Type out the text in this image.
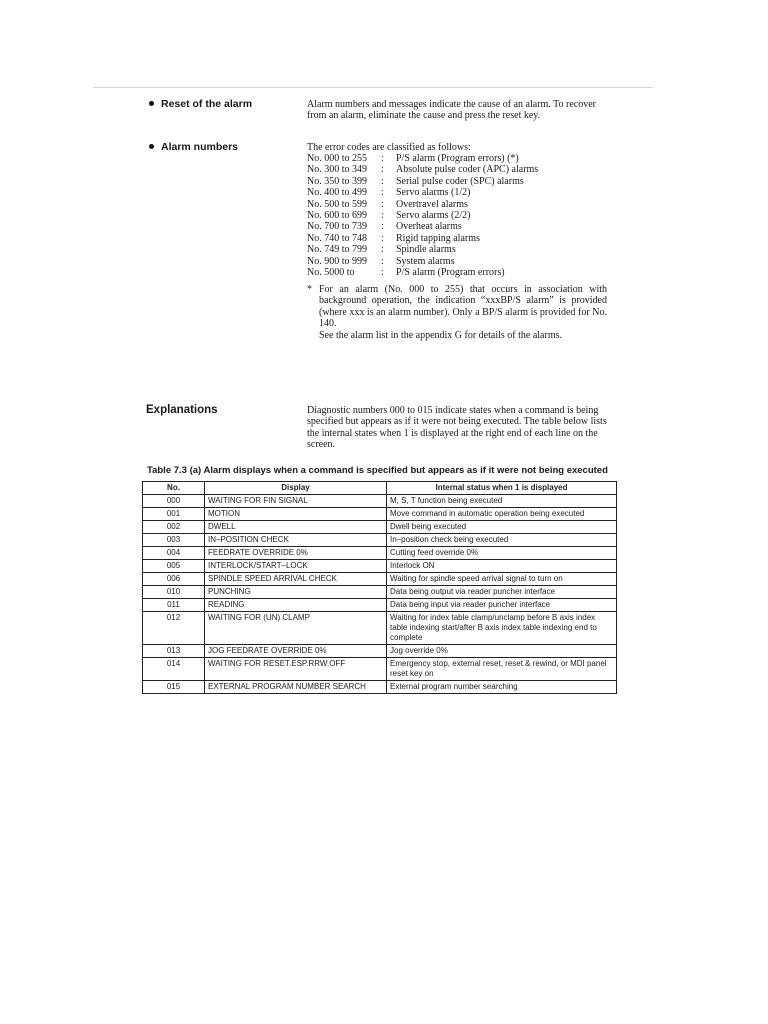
Reset of the alarm	Alarm numbers and messages indicate the cause of an alarm. To recover from an alarm, eliminate the cause and press the reset key.
Alarm numbers	The error codes are classified as follows:
No. 000 to 255 : P/S alarm (Program errors) (*)
No. 300 to 349 : Absolute pulse coder (APC) alarms
No. 350 to 399 : Serial pulse coder (SPC) alarms
No. 400 to 499 : Servo alarms (1/2)
No. 500 to 599 : Overtravel alarms
No. 600 to 699 : Servo alarms (2/2)
No. 700 to 739 : Overheat alarms
No. 740 to 748 : Rigid tapping alarms
No. 749 to 799 : Spindle alarms
No. 900 to 999 : System alarms
No. 5000 to	: P/S alarm (Program errors)
* For an alarm (No. 000 to 255) that occurs in association with background operation, the indication “xxxBP/S alarm” is provided (where xxx is an alarm number). Only a BP/S alarm is provided for No. 140.
See the alarm list in the appendix G for details of the alarms.
Explanations	Diagnostic numbers 000 to 015 indicate states when a command is being specified but appears as if it were not being executed. The table below lists the internal states when 1 is displayed at the right end of each line on the screen.
Table 7.3 (a) Alarm displays when a command is specified but appears as if it were not being executed
No.	Display	Internal status when 1 is displayed
000	WAITING FOR FIN SIGNAL	M, S, T function being executed
001	MOTION	Move command in automatic operation being executed
002	DWELL	Dwell being executed
003	IN–POSITION CHECK	In–position check being executed
004	FEEDRATE OVERRIDE 0%	Cutting feed override 0%
005	INTERLOCK/START–LOCK	Interlock ON
006	SPINDLE SPEED ARRIVAL CHECK	Waiting for spindle speed arrival signal to turn on
010	PUNCHING	Data being output via reader puncher interface
011	READING	Data being input via reader puncher interface
012	WAITING FOR (UN) CLAMP	Waiting for index table clamp/unclamp before B axis index table indexing start/after B axis index table indexing end to complete
013	JOG FEEDRATE OVERRIDE 0%	Jog override 0%
014	WAITING FOR RESET.ESP.RRW.OFF	Emergency stop, external reset, reset & rewind, or MDI panel reset key on
015	EXTERNAL PROGRAM NUMBER SEARCH	External program number searching
